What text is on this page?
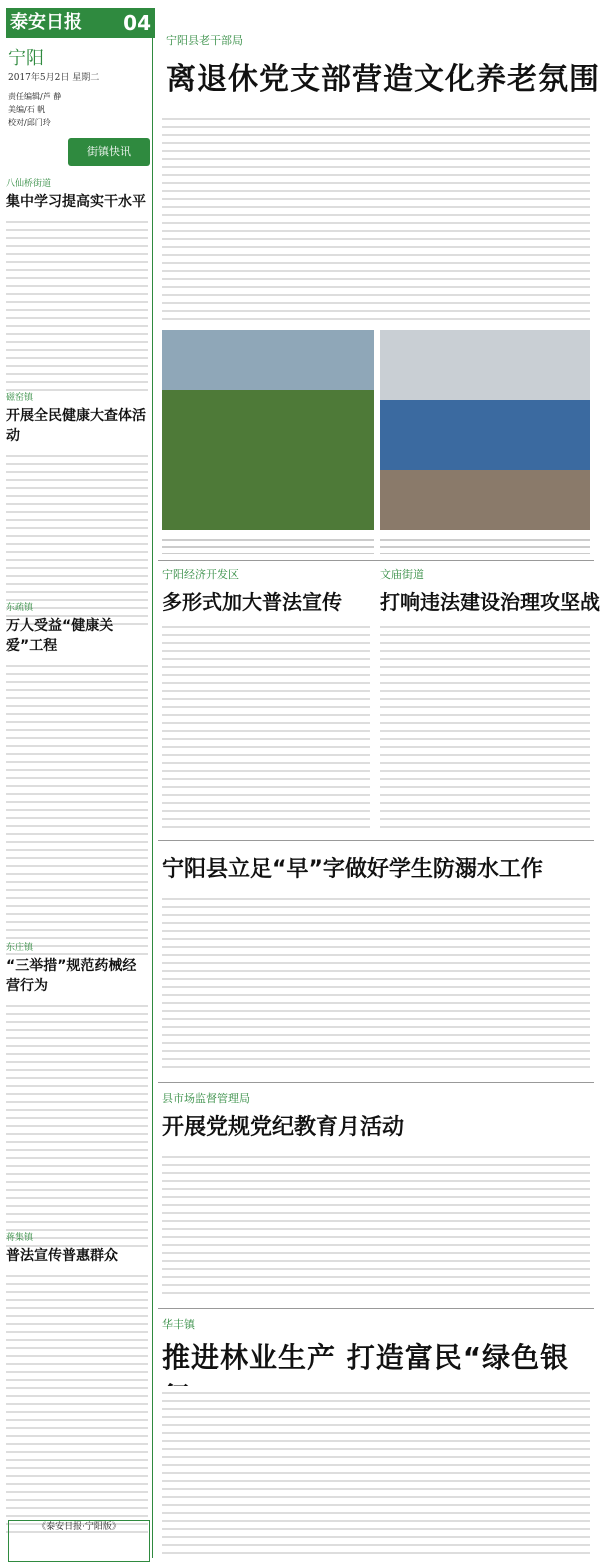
泰安日报 04
宁阳
2017年5月2日 星期二
责任编辑/芦 静
美编/石 帆
校对/邱门玲
街镇快讯
八仙桥街道
集中学习提高实干水平
磁窑镇
开展全民健康大查体活动
东疏镇
万人受益“健康关爱”工程
东庄镇
“三举措”规范药械经营行为
蒋集镇
普法宣传普惠群众
《泰安日报·宁阳版》
宁阳县老干部局
离退休党支部营造文化养老氛围
宁阳经济开发区
多形式加大普法宣传
文庙街道
打响违法建设治理攻坚战
宁阳县立足“早”字做好学生防溺水工作
县市场监督管理局
开展党规党纪教育月活动
华丰镇
推进林业生产 打造富民“绿色银
